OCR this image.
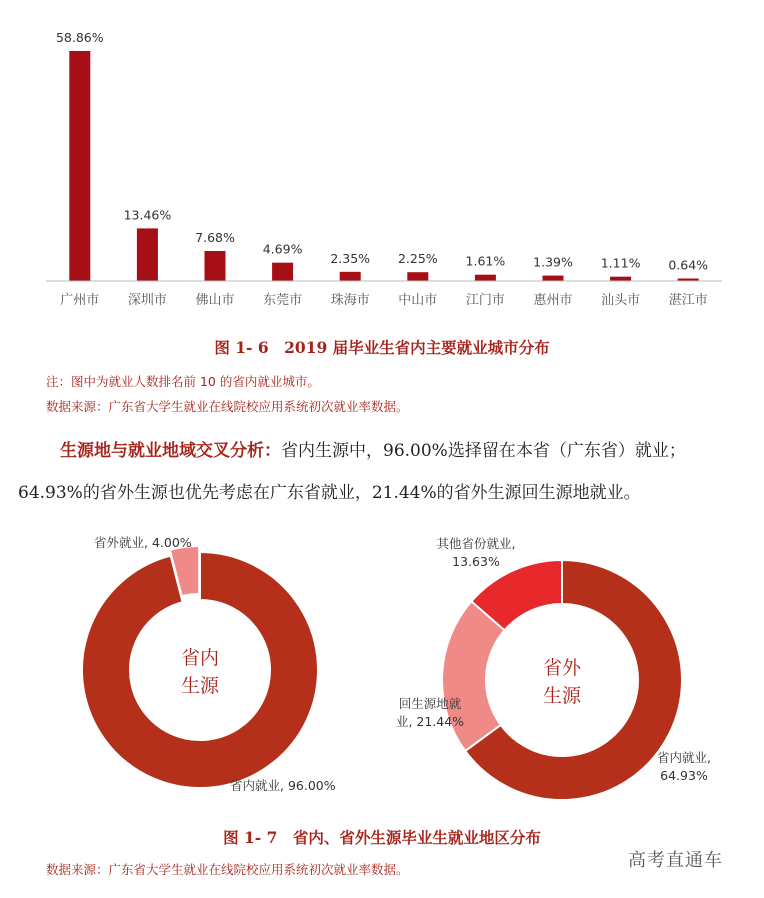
58.86%
广州市
13.46%
深圳市
7.68%
佛山市
4.69%
东莞市
2.35%
珠海市
2.25%
中山市
1.61%
江门市
1.39%
惠州市
1.11%
汕头市
0.64%
湛江市
图 1- 6　2019 届毕业生省内主要就业城市分布
注：图中为就业人数排名前 10 的省内就业城市。
数据来源：广东省大学生就业在线院校应用系统初次就业率数据。
生源地与就业地域交叉分析：省内生源中，96.00%选择留在本省（广东省）就业；
64.93%的省外生源也优先考虑在广东省就业，21.44%的省外生源回生源地就业。
省内
生源
省外就业, 4.00%
省内就业, 96.00%
省外
生源
其他省份就业,
13.63%
回生源地就
业, 21.44%
省内就业,
64.93%
图 1- 7　省内、省外生源毕业生就业地区分布
数据来源：广东省大学生就业在线院校应用系统初次就业率数据。	高考直通车
